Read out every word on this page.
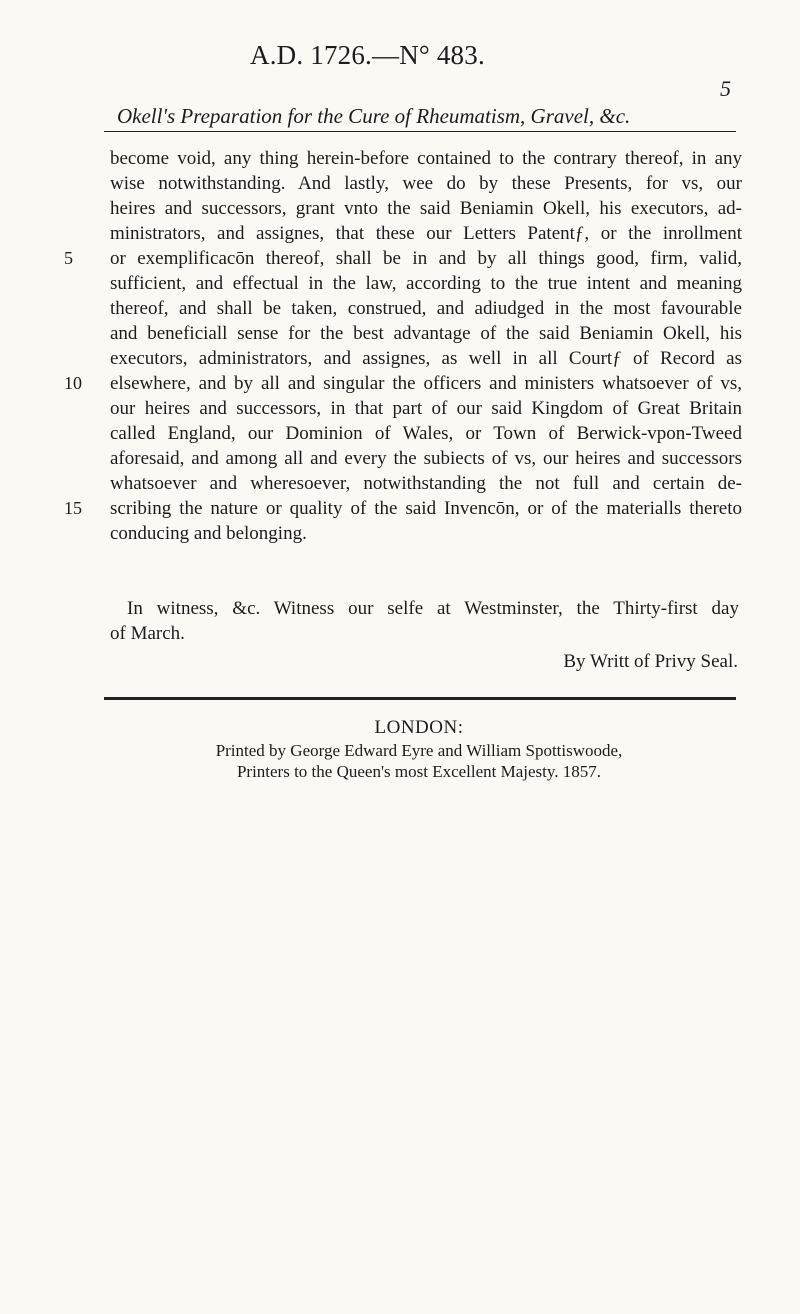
A.D. 1726.—N° 483.
5
Okell's Preparation for the Cure of Rheumatism, Gravel, &c.
become void, any thing herein-before contained to the contrary thereof, in any
wise notwithstanding. And lastly, wee do by these Presents, for vs, our
heires and successors, grant vnto the said Beniamin Okell, his executors, ad-
ministrators, and assignes, that these our Letters Patentƒ, or the inrollment
5	or exemplificacōn thereof, shall be in and by all things good, firm, valid,
sufficient, and effectual in the law, according to the true intent and meaning
thereof, and shall be taken, construed, and adiudged in the most favourable
and beneficiall sense for the best advantage of the said Beniamin Okell, his
executors, administrators, and assignes, as well in all Courtƒ of Record as
10	elsewhere, and by all and singular the officers and ministers whatsoever of vs,
our heires and successors, in that part of our said Kingdom of Great Britain
called England, our Dominion of Wales, or Town of Berwick-vpon-Tweed
aforesaid, and among all and every the subiects of vs, our heires and successors
whatsoever and wheresoever, notwithstanding the not full and certain de-
15	scribing the nature or quality of the said Invencōn, or of the materialls thereto
conducing and belonging.
In witness, &c. Witness our selfe at Westminster, the Thirty-first day
of March.
By Writt of Privy Seal.
LONDON:
Printed by George Edward Eyre and William Spottiswoode,
Printers to the Queen's most Excellent Majesty. 1857.
